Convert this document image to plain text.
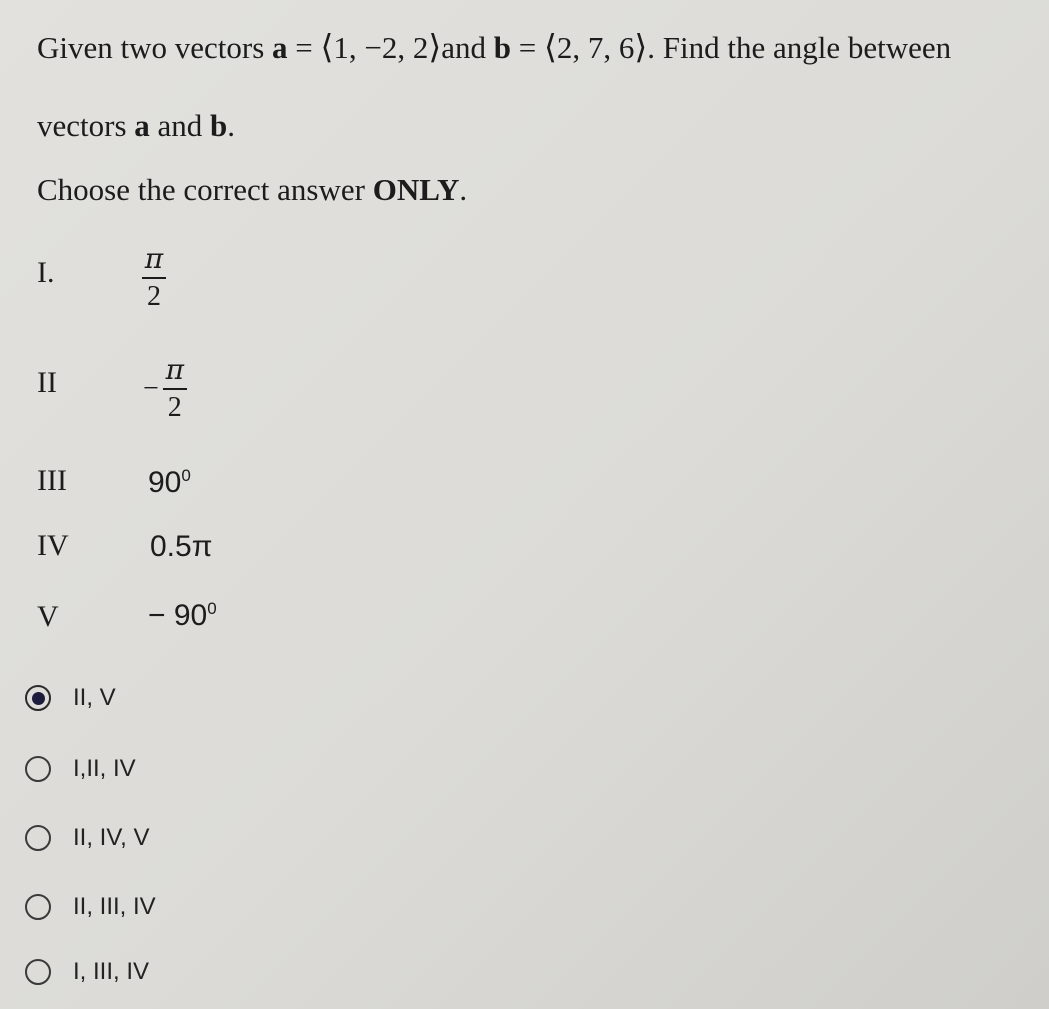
Given two vectors a = ⟨1, −2, 2⟩and b = ⟨2, 7, 6⟩. Find the angle between
vectors a and b.
Choose the correct answer ONLY.
I.	$\frac{\pi}{2}$
II	− $\frac{\pi}{2}$
III	$90^0$
IV	0.5π
V	− $90^0$
II, V
I,II, IV
II, IV, V
II, III, IV
I, III, IV
